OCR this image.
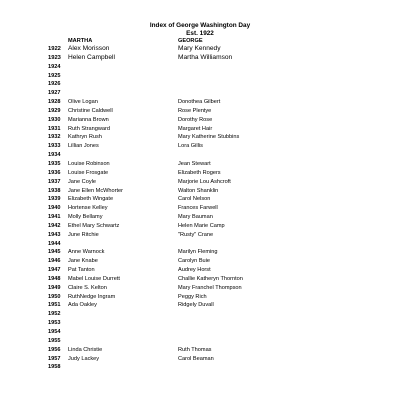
Index of George Washington Day
Est. 1922
MARTHA	GEORGE
1922 Alex Morisson	Mary Kennedy
1923 Helen Campbell	Martha Williamson
1924
1925
1926
1927
1928 Olive Logan	Donothea Gilbert
1929 Christine Caldwell	Rose Plentye
1930 Marianna Brown	Dorothy Rose
1931 Ruth Strangward	Margaret Hair
1932 Kathryn Rush	Mary Katherine Stubbins
1933 Lillian Jones	Lora Gillis
1934
1935 Louise Robinson	Jean Stewart
1936 Louise Frosgate	Elizabeth Rogers
1937 Jane Coyle	Marjorie Lou Ashcroft
1938 Jane Ellen McWhorter	Walton Shanklin
1939 Elizabeth Wingate	Carol Nelson
1940 Hortense Kelley	Frances Farwell
1941 Molly Bellamy	Mary Bauman
1942 Ethel Mary Schwartz	Helen Marie Camp
1943 June Ritchie	"Rusty" Crane
1944
1945 Anne Warnock	Marilyn Fleming
1946 Jane Knabe	Carolyn Buie
1947 Pat Tanton	Audrey Horst
1948 Mabel Louise Durrett	Challie Katheryn Thornton
1949 Claire S. Kelton	Mary Franchel Thompson
1950 RuthNedge Ingram	Peggy Rich
1951 Ada Oakley	Ridgely Duvall
1952
1953
1954
1955
1956 Linda Christie	Ruth Thomas
1957 Judy Lackey	Carol Beaman
1958
